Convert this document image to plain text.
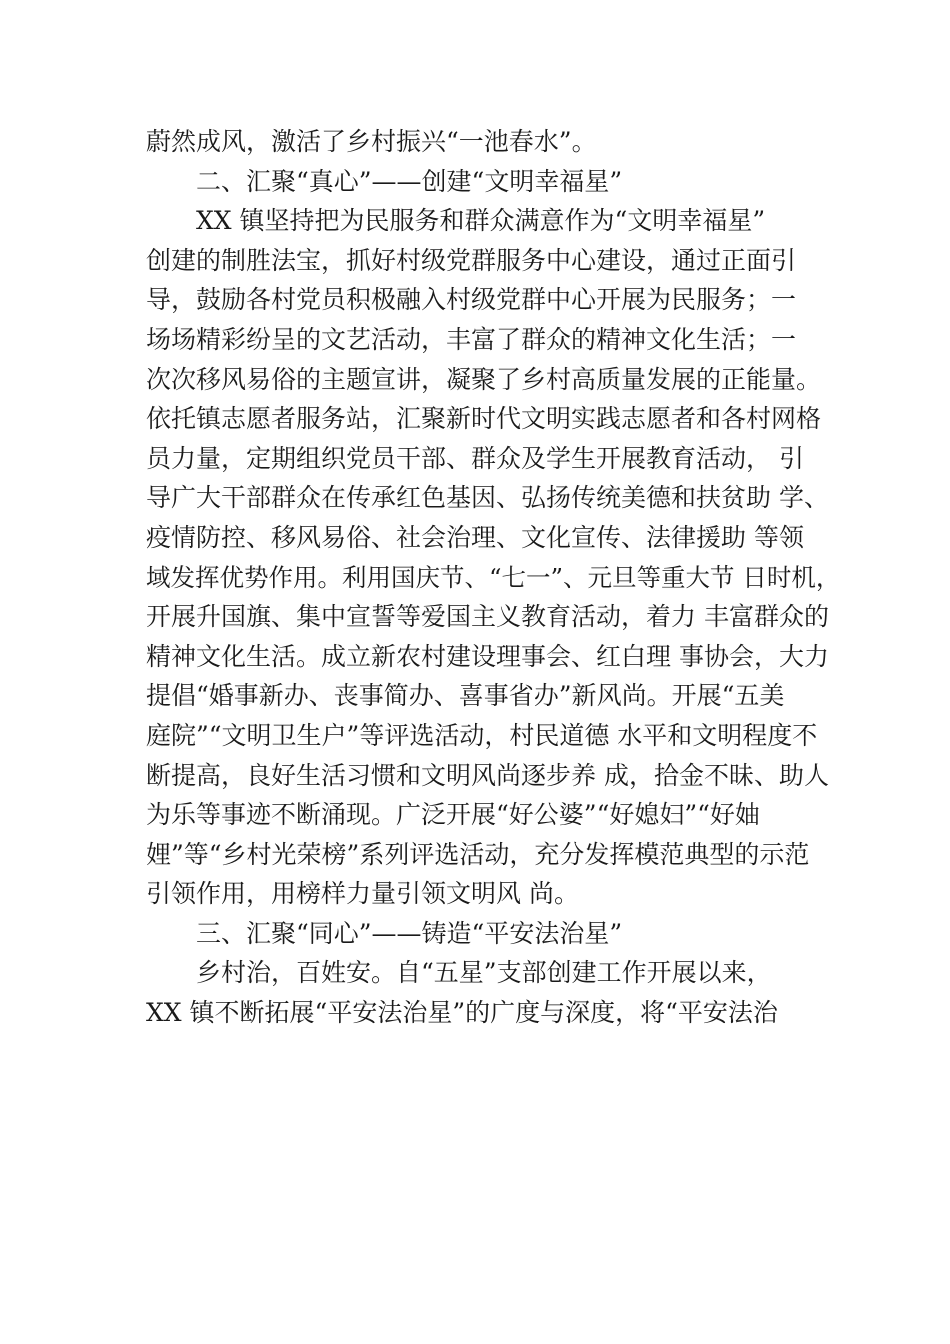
蔚然成风，激活了乡村振兴“一池春水”。
二、汇聚“真心”——创建“文明幸福星”
XX 镇坚持把为民服务和群众满意作为“文明幸福星”
创建的制胜法宝，抓好村级党群服务中心建设，通过正面引
导，鼓励各村党员积极融入村级党群中心开展为民服务；一
场场精彩纷呈的文艺活动，丰富了群众的精神文化生活；一
次次移风易俗的主题宣讲，凝聚了乡村高质量发展的正能量。
依托镇志愿者服务站，汇聚新时代文明实践志愿者和各村网格
员力量，定期组织党员干部、群众及学生开展教育活动， 引
导广大干部群众在传承红色基因、弘扬传统美德和扶贫助 学、
疫情防控、移风易俗、社会治理、文化宣传、法律援助 等领
域发挥优势作用。利用国庆节、“七一”、元旦等重大节 日时机，
开展升国旗、集中宣誓等爱国主义教育活动，着力 丰富群众的
精神文化生活。成立新农村建设理事会、红白理 事协会，大力
提倡“婚事新办、丧事简办、喜事省办”新风尚。开展“五美
庭院”“文明卫生户”等评选活动，村民道德 水平和文明程度不
断提高，良好生活习惯和文明风尚逐步养 成，拾金不昧、助人
为乐等事迹不断涌现。广泛开展“好公婆”“好媳妇”“好妯
娌”等“乡村光荣榜”系列评选活动，充分发挥模范典型的示范
引领作用，用榜样力量引领文明风 尚。
三、汇聚“同心”——铸造“平安法治星”
乡村治，百姓安。自“五星”支部创建工作开展以来，
XX 镇不断拓展“平安法治星”的广度与深度，将“平安法治
